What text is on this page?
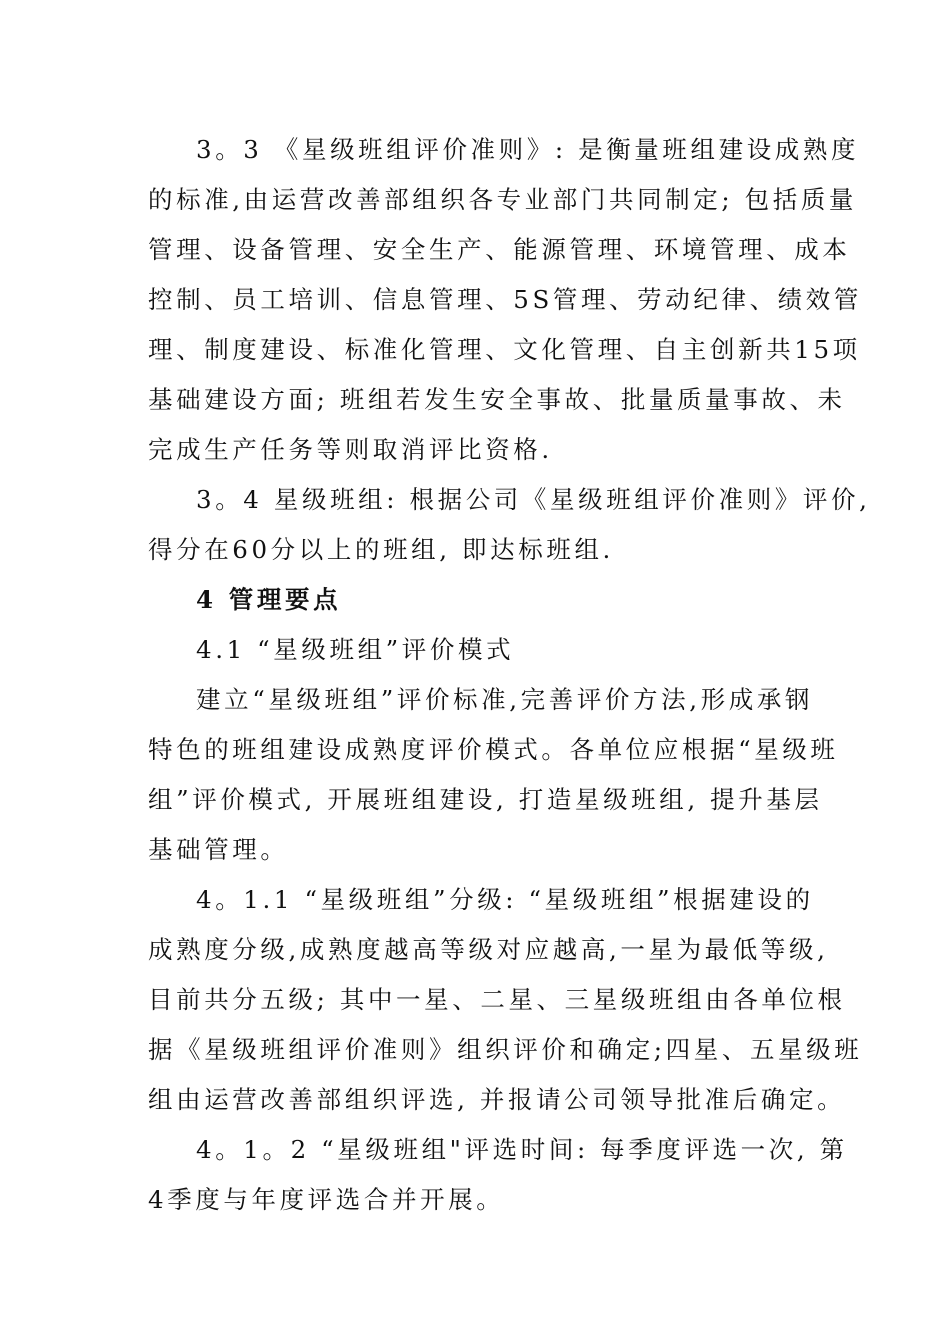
3。3 《星级班组评价准则》: 是衡量班组建设成熟度
的标准,由运营改善部组织各专业部门共同制定; 包括质量
管理、设备管理、安全生产、能源管理、环境管理、成本
控制、员工培训、信息管理、5S管理、劳动纪律、绩效管
理、制度建设、标准化管理、文化管理、自主创新共15项
基础建设方面; 班组若发生安全事故、批量质量事故、未
完成生产任务等则取消评比资格.
3。4 星级班组: 根据公司《星级班组评价准则》评价,
得分在60分以上的班组, 即达标班组.
4 管理要点
4.1 “星级班组”评价模式
建立“星级班组”评价标准,完善评价方法,形成承钢
特色的班组建设成熟度评价模式。各单位应根据“星级班
组”评价模式, 开展班组建设, 打造星级班组, 提升基层
基础管理。
4。1.1 “星级班组”分级: “星级班组”根据建设的
成熟度分级,成熟度越高等级对应越高,一星为最低等级,
目前共分五级; 其中一星、二星、三星级班组由各单位根
据《星级班组评价准则》组织评价和确定;四星、五星级班
组由运营改善部组织评选, 并报请公司领导批准后确定。
4。1。2 “星级班组"评选时间: 每季度评选一次, 第
4季度与年度评选合并开展。
